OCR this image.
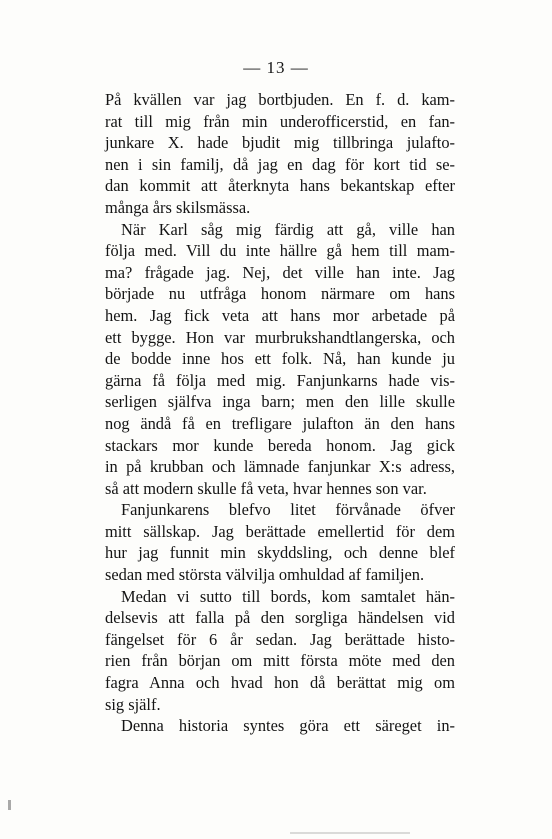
— 13 —
På kvällen var jag bortbjuden. En f. d. kam-
rat till mig från min underofficerstid, en fan-
junkare X. hade bjudit mig tillbringa julafto-
nen i sin familj, då jag en dag för kort tid se-
dan kommit att återknyta hans bekantskap efter
många års skilsmässa.
När Karl såg mig färdig att gå, ville han
följa med. Vill du inte hällre gå hem till mam-
ma? frågade jag. Nej, det ville han inte. Jag
började nu utfråga honom närmare om hans
hem. Jag fick veta att hans mor arbetade på
ett bygge. Hon var murbrukshandtlangerska, och
de bodde inne hos ett folk. Nå, han kunde ju
gärna få följa med mig. Fanjunkarns hade vis-
serligen själfva inga barn; men den lille skulle
nog ändå få en trefligare julafton än den hans
stackars mor kunde bereda honom. Jag gick
in på krubban och lämnade fanjunkar X:s adress,
så att modern skulle få veta, hvar hennes son var.
Fanjunkarens blefvo litet förvånade öfver
mitt sällskap. Jag berättade emellertid för dem
hur jag funnit min skyddsling, och denne blef
sedan med största välvilja omhuldad af familjen.
Medan vi sutto till bords, kom samtalet hän-
delsevis att falla på den sorgliga händelsen vid
fängelset för 6 år sedan. Jag berättade histo-
rien från början om mitt första möte med den
fagra Anna och hvad hon då berättat mig om
sig själf.
Denna historia syntes göra ett säreget in-
